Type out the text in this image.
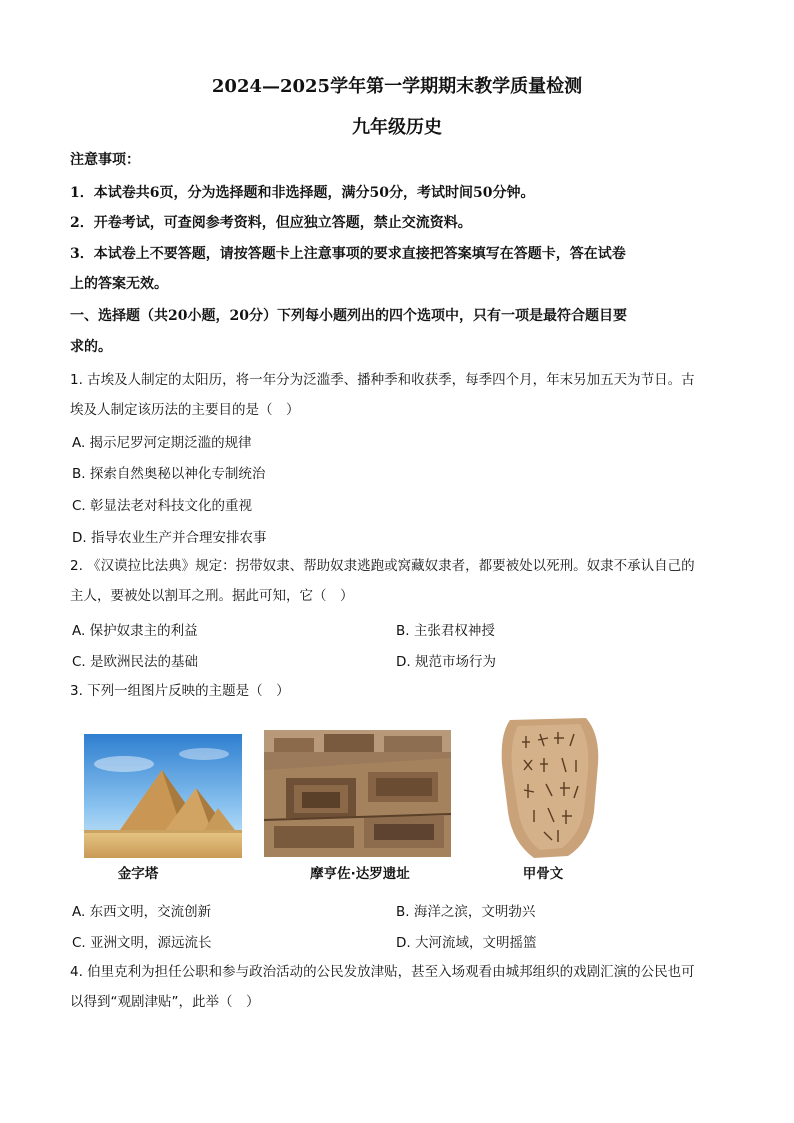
2024—2025学年第一学期期末教学质量检测
九年级历史
注意事项：
1．本试卷共6页，分为选择题和非选择题，满分50分，考试时间50分钟。
2．开卷考试，可查阅参考资料，但应独立答题，禁止交流资料。
3．本试卷上不要答题，请按答题卡上注意事项的要求直接把答案填写在答题卡，答在试卷
上的答案无效。
一、选择题（共20小题，20分）下列每小题列出的四个选项中，只有一项是最符合题目要
求的。
1. 古埃及人制定的太阳历，将一年分为泛滥季、播种季和收获季，每季四个月，年末另加五天为节日。古
埃及人制定该历法的主要目的是（　）
A. 揭示尼罗河定期泛滥的规律
B. 探索自然奥秘以神化专制统治
C. 彰显法老对科技文化的重视
D. 指导农业生产并合理安排农事
2. 《汉谟拉比法典》规定：拐带奴隶、帮助奴隶逃跑或窝藏奴隶者，都要被处以死刑。奴隶不承认自己的
主人，要被处以割耳之刑。据此可知，它（　）
A. 保护奴隶主的利益	B. 主张君权神授
C. 是欧洲民法的基础	D. 规范市场行为
3. 下列一组图片反映的主题是（　）
金字塔	摩亨佐·达罗遗址	甲骨文
A. 东西文明，交流创新	B. 海洋之滨，文明勃兴
C. 亚洲文明，源远流长	D. 大河流域，文明摇篮
4. 伯里克利为担任公职和参与政治活动的公民发放津贴，甚至入场观看由城邦组织的戏剧汇演的公民也可
以得到“观剧津贴”，此举（　）
